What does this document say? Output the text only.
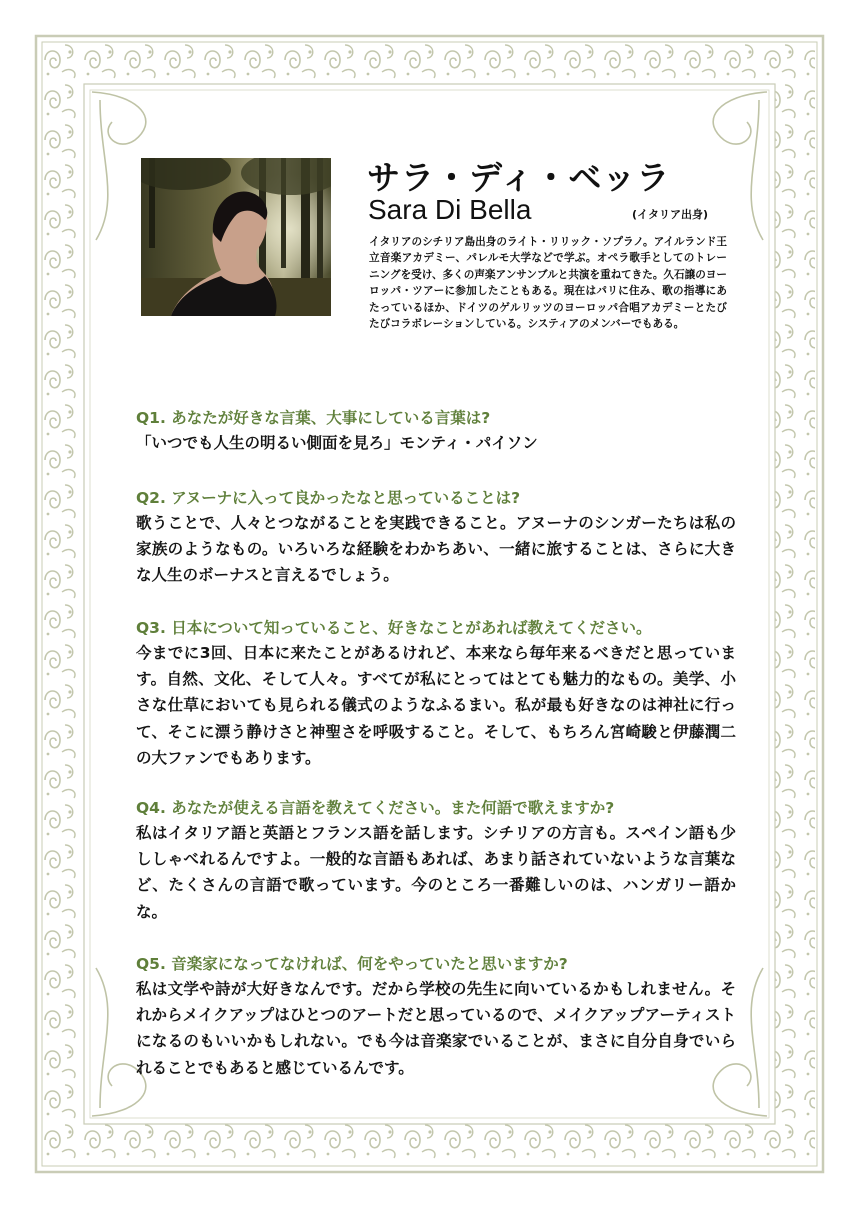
サラ・ディ・ベッラ
Sara Di Bella	(イタリア出身)
イタリアのシチリア島出身のライト・リリック・ソプラノ。アイルランド王立音楽アカデミー、パレルモ大学などで学ぶ。オペラ歌手としてのトレーニングを受け、多くの声楽アンサンブルと共演を重ねてきた。久石譲のヨーロッパ・ツアーに参加したこともある。現在はパリに住み、歌の指導にあたっているほか、ドイツのゲルリッツのヨーロッパ合唱アカデミーとたびたびコラボレーションしている。システィアのメンバーでもある。
Q1. あなたが好きな言葉、大事にしている言葉は?
「いつでも人生の明るい側面を見ろ」モンティ・パイソン
Q2. アヌーナに入って良かったなと思っていることは?
歌うことで、人々とつながることを実践できること。アヌーナのシンガーたちは私の家族のようなもの。いろいろな経験をわかちあい、一緒に旅することは、さらに大きな人生のボーナスと言えるでしょう。
Q3. 日本について知っていること、好きなことがあれば教えてください。
今までに3回、日本に来たことがあるけれど、本来なら毎年来るべきだと思っています。自然、文化、そして人々。すべてが私にとってはとても魅力的なもの。美学、小さな仕草においても見られる儀式のようなふるまい。私が最も好きなのは神社に行って、そこに漂う静けさと神聖さを呼吸すること。そして、もちろん宮崎駿と伊藤潤二の大ファンでもあります。
Q4. あなたが使える言語を教えてください。また何語で歌えますか?
私はイタリア語と英語とフランス語を話します。シチリアの方言も。スペイン語も少ししゃべれるんですよ。一般的な言語もあれば、あまり話されていないような言葉など、たくさんの言語で歌っています。今のところ一番難しいのは、ハンガリー語かな。
Q5. 音楽家になってなければ、何をやっていたと思いますか?
私は文学や詩が大好きなんです。だから学校の先生に向いているかもしれません。それからメイクアップはひとつのアートだと思っているので、メイクアップアーティストになるのもいいかもしれない。でも今は音楽家でいることが、まさに自分自身でいられることでもあると感じているんです。
